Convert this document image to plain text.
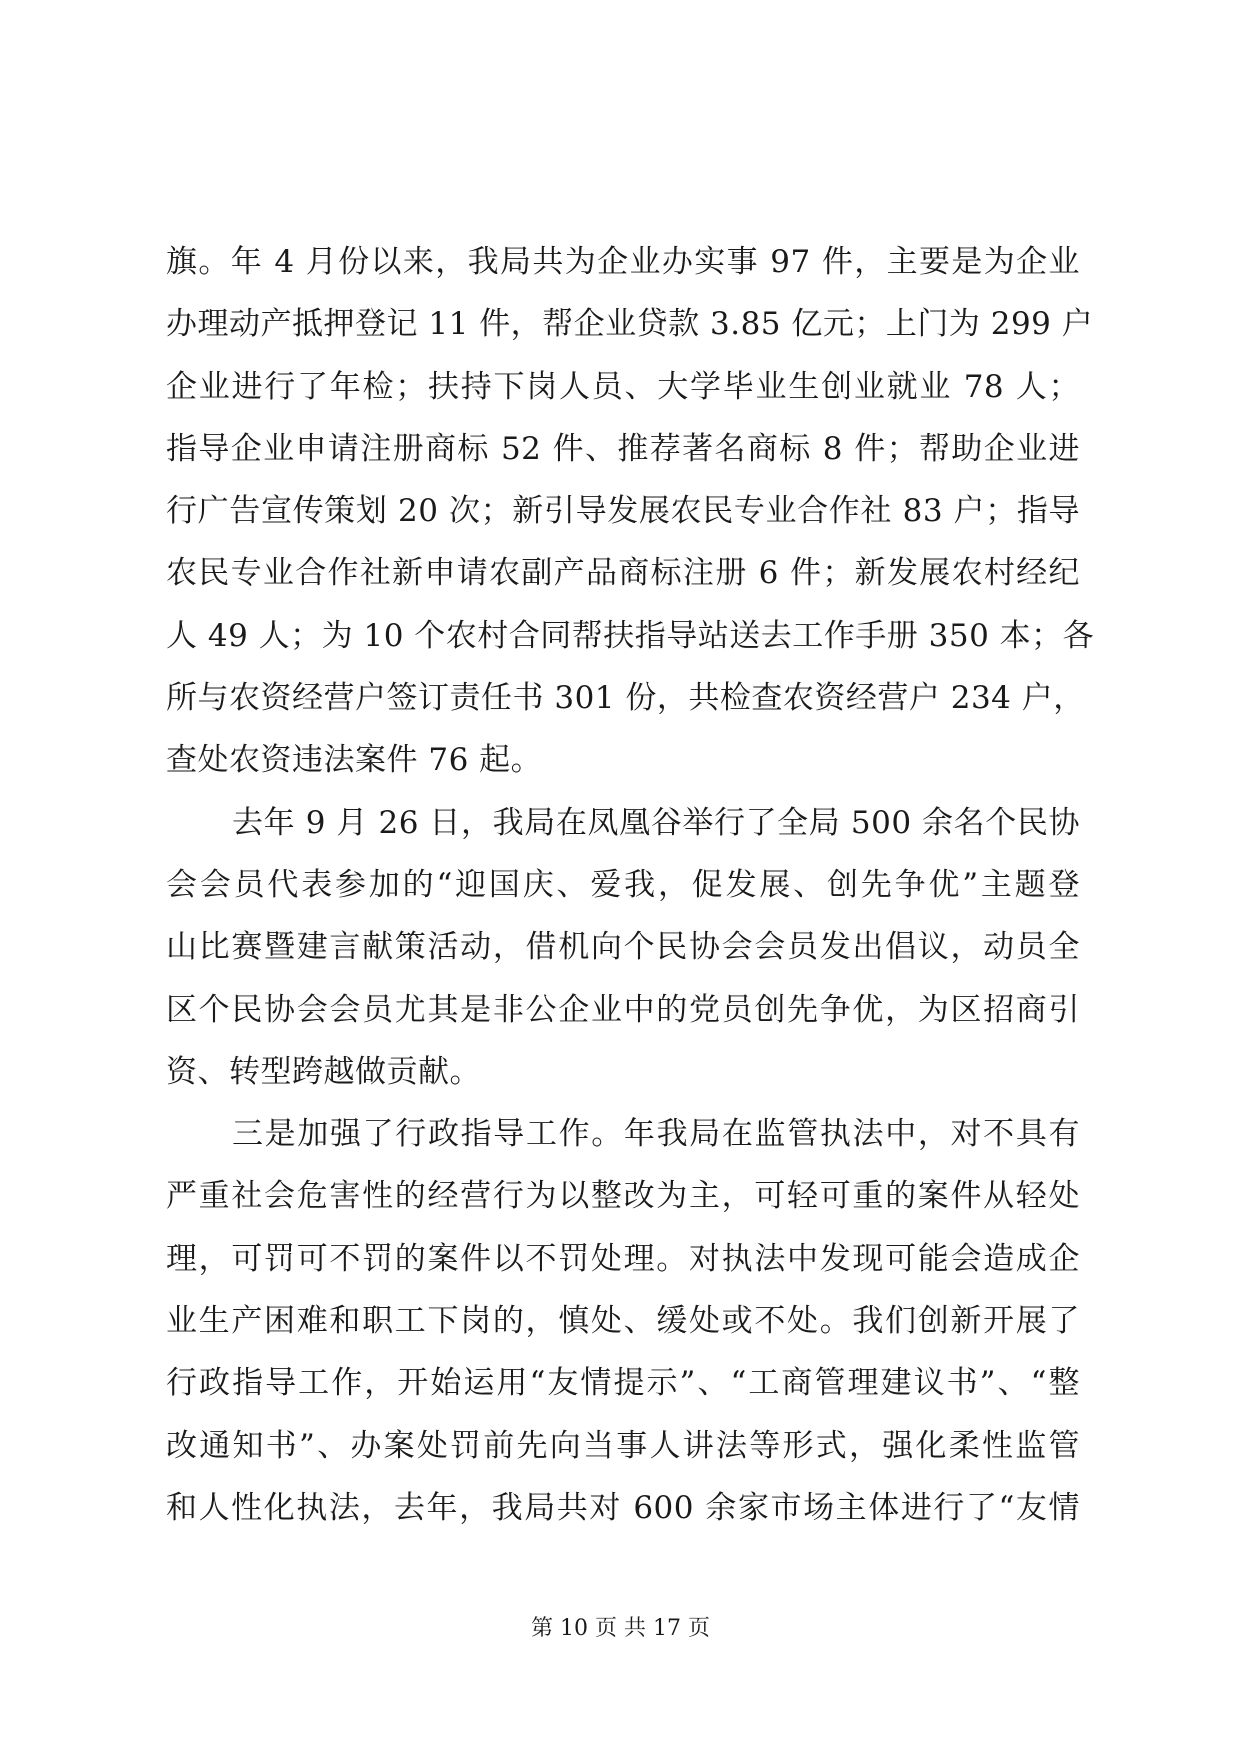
旗。年 4 月份以来，我局共为企业办实事 97 件，主要是为企业
办理动产抵押登记 11 件，帮企业贷款 3.85 亿元；上门为 299 户
企业进行了年检；扶持下岗人员、大学毕业生创业就业 78 人；
指导企业申请注册商标 52 件、推荐著名商标 8 件；帮助企业进
行广告宣传策划 20 次；新引导发展农民专业合作社 83 户；指导
农民专业合作社新申请农副产品商标注册 6 件；新发展农村经纪
人 49 人；为 10 个农村合同帮扶指导站送去工作手册 350 本；各
所与农资经营户签订责任书 301 份，共检查农资经营户 234 户，
查处农资违法案件 76 起。
去年 9 月 26 日，我局在凤凰谷举行了全局 500 余名个民协
会会员代表参加的“迎国庆、爱我，促发展、创先争优”主题登
山比赛暨建言献策活动，借机向个民协会会员发出倡议，动员全
区个民协会会员尤其是非公企业中的党员创先争优，为区招商引
资、转型跨越做贡献。
三是加强了行政指导工作。年我局在监管执法中，对不具有
严重社会危害性的经营行为以整改为主，可轻可重的案件从轻处
理，可罚可不罚的案件以不罚处理。对执法中发现可能会造成企
业生产困难和职工下岗的，慎处、缓处或不处。我们创新开展了
行政指导工作，开始运用“友情提示”、“工商管理建议书”、“整
改通知书”、办案处罚前先向当事人讲法等形式，强化柔性监管
和人性化执法，去年，我局共对 600 余家市场主体进行了“友情
第 10 页 共 17 页
